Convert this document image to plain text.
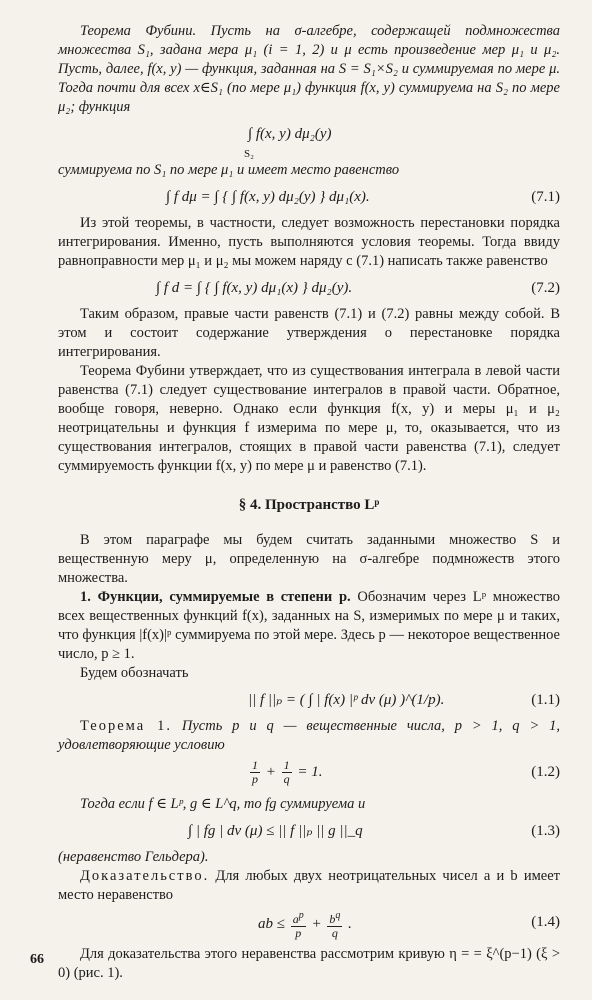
Теорема Фубини. Пусть на σ-алгебре, содержащей подмножества множества S₁, задана мера μ₁ (i = 1, 2) и μ есть произведение мер μ₁ и μ₂. Пусть, далее, f(x, y) — функция, заданная на S = S₁×S₂ и суммируемая по мере μ. Тогда почти для всех x∈S₁ (по мере μ₁) функция f(x, y) суммируема на S₂ по мере μ₂; функция

∫ f(x, y) dμ₂(y)
S₂

суммируема по S₁ по мере μ₁ и имеет место равенство

∫ f dμ = ∫ { ∫ f(x, y) dμ₂(y) } dμ₁(x).	(7.1)

Из этой теоремы, в частности, следует возможность перестановки порядка интегрирования. Именно, пусть выполняются условия теоремы. Тогда ввиду равноправности мер μ₁ и μ₂ мы можем наряду с (7.1) написать также равенство

∫ f d = ∫ { ∫ f(x, y) dμ₁(x) } dμ₂(y).	(7.2)

Таким образом, правые части равенств (7.1) и (7.2) равны между собой. В этом и состоит содержание утверждения о перестановке порядка интегрирования.

Теорема Фубини утверждает, что из существования интеграла в левой части равенства (7.1) следует существование интегралов в правой части. Обратное, вообще говоря, неверно. Однако если функция f(x, y) и меры μ₁ и μ₂ неотрицательны и функция f измерима по мере μ, то, оказывается, что из существования интегралов, стоящих в правой части равенства (7.1), следует суммируемость функции f(x, y) по мере μ и равенство (7.1).

§ 4. Пространство Lᵖ

В этом параграфе мы будем считать заданными множество S и вещественную меру μ, определенную на σ-алгебре подмножеств этого множества.

1. Функции, суммируемые в степени p. Обозначим через Lᵖ множество всех вещественных функций f(x), заданных на S, измеримых по мере μ и таких, что функция |f(x)|ᵖ суммируема по этой мере. Здесь p — некоторое вещественное число, p ≥ 1.

Будем обозначать

|| f ||ₚ = ( ∫ | f(x) |ᵖ dv (μ) )^(1/p).	(1.1)

Теорема 1. Пусть p и q — вещественные числа, p > 1, q > 1, удовлетворяющие условию

1
p + 1
q = 1.	(1.2)

Тогда если f ∈ Lᵖ, g ∈ L^q, то fg суммируема и

∫ | fg | dv (μ) ≤ || f ||ₚ || g ||_q	(1.3)

(неравенство Гельдера).

Доказательство. Для любых двух неотрицательных чисел a и b имеет место неравенство

ab ≤ $a^p$
$p + b^q$
q .	(1.4)

Для доказательства этого неравенства рассмотрим кривую η = = ξ^(p−1) (ξ > 0) (рис. 1).

66
